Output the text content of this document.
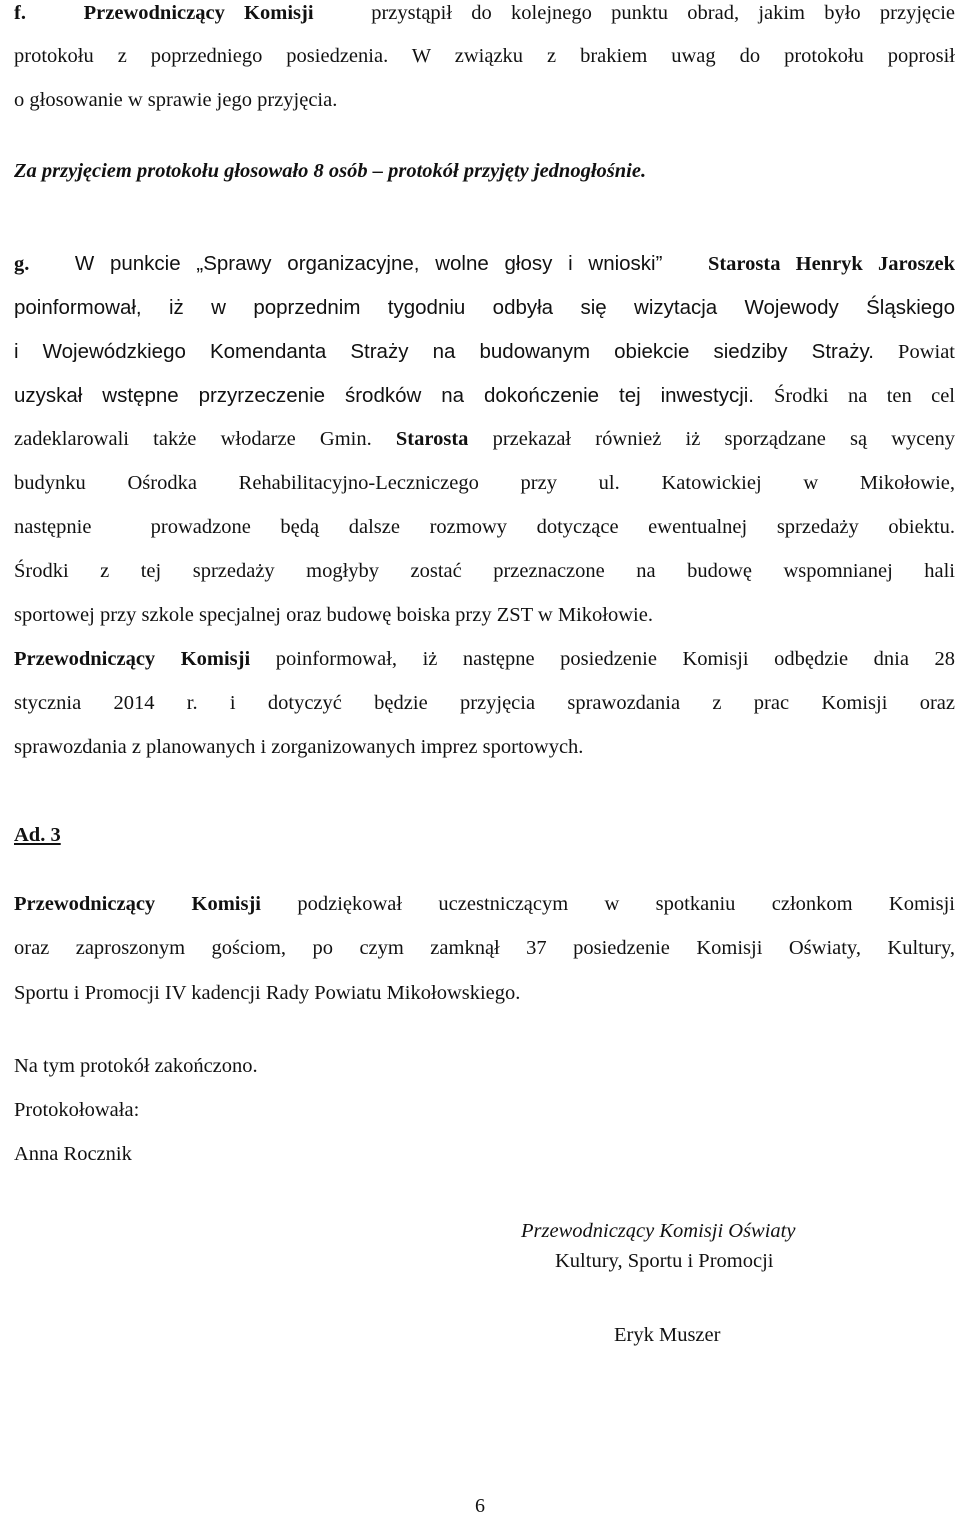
f.	Przewodniczący Komisji	przystąpił do kolejnego punktu obrad, jakim było przyjęcie
protokołu z poprzedniego posiedzenia. W związku z brakiem uwag do protokołu poprosił
o głosowanie w sprawie jego przyjęcia.
Za przyjęciem protokołu głosowało 8 osób – protokół przyjęty jednogłośnie.
g. W punkcie „Sprawy organizacyjne, wolne głosy i wnioski” Starosta Henryk Jaroszek
poinformował, iż w poprzednim tygodniu odbyła się wizytacja Wojewody Śląskiego
i Wojewódzkiego Komendanta Straży na budowanym obiekcie siedziby Straży. Powiat
uzyskał wstępne przyrzeczenie środków na dokończenie tej inwestycji. Środki na ten cel
zadeklarowali także włodarze Gmin. Starosta przekazał również iż sporządzane są wyceny
budynku Ośrodka Rehabilitacyjno-Leczniczego przy ul. Katowickiej w Mikołowie,
następnie  prowadzone będą dalsze rozmowy dotyczące ewentualnej sprzedaży obiektu.
Środki z tej sprzedaży mogłyby zostać przeznaczone na budowę wspomnianej hali
sportowej przy szkole specjalnej oraz budowę boiska przy ZST w Mikołowie.
Przewodniczący Komisji poinformował, iż następne posiedzenie Komisji odbędzie dnia 28
stycznia 2014 r. i dotyczyć będzie przyjęcia sprawozdania z prac Komisji oraz
sprawozdania z planowanych i zorganizowanych imprez sportowych.
Ad. 3
Przewodniczący Komisji podziękował uczestniczącym w spotkaniu członkom Komisji
oraz zaproszonym gościom, po czym zamknął 37 posiedzenie Komisji Oświaty, Kultury,
Sportu i Promocji IV kadencji Rady Powiatu Mikołowskiego.
Na tym protokół zakończono.
Protokołowała:
Anna Rocznik
Przewodniczący Komisji Oświaty
Kultury, Sportu i Promocji
Eryk Muszer
6
